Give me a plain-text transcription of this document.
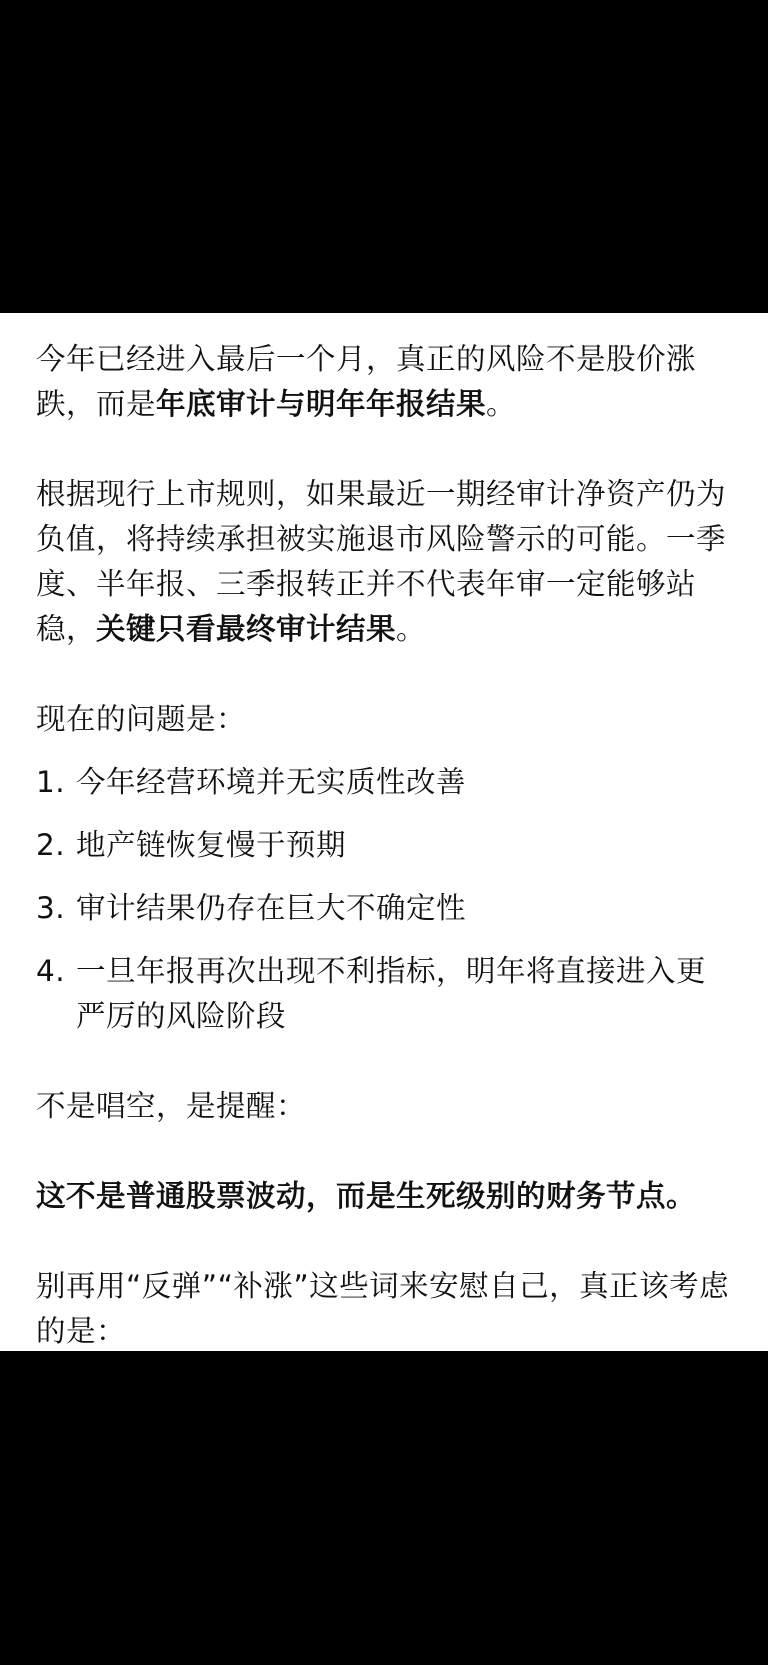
今年已经进入最后一个月，真正的风险不是股价涨跌，而是年底审计与明年年报结果。

根据现行上市规则，如果最近一期经审计净资产仍为负值，将持续承担被实施退市风险警示的可能。一季度、半年报、三季报转正并不代表年审一定能够站稳，关键只看最终审计结果。

现在的问题是：

1. 今年经营环境并无实质性改善
2. 地产链恢复慢于预期
3. 审计结果仍存在巨大不确定性
4. 一旦年报再次出现不利指标，明年将直接进入更严厉的风险阶段

不是唱空，是提醒：

这不是普通股票波动，而是生死级别的财务节点。

别再用“反弹”“补涨”这些词来安慰自己，真正该考虑的是：
